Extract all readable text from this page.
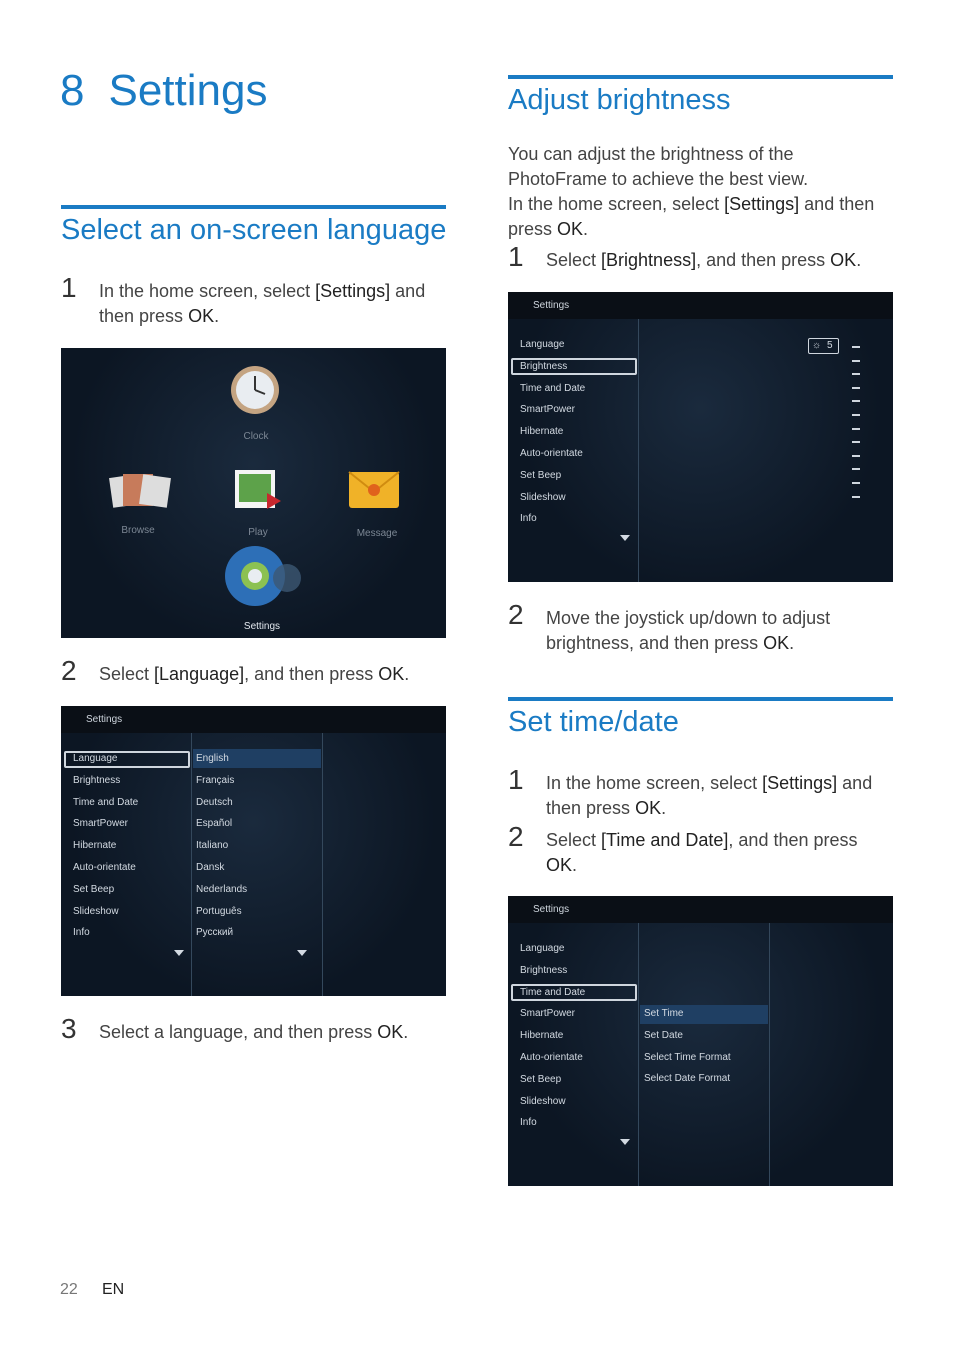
8 Settings
Select an on-screen language
1 In the home screen, select [Settings] and then press OK.
Clock
Browse	Play	Message
Settings
2 Select [Language], and then press OK.
Settings
Language
Brightness
Time and Date
SmartPower
Hibernate
Auto-orientate
Set Beep
Slideshow
Info
English
Français
Deutsch
Español
Italiano
Dansk
Nederlands
Português
Русский
3 Select a language, and then press OK.
Adjust brightness
You can adjust the brightness of the PhotoFrame to achieve the best view.
In the home screen, select [Settings] and then press OK.
1 Select [Brightness], and then press OK.
Settings
Language
Brightness
Time and Date
SmartPower
Hibernate
Auto-orientate
Set Beep
Slideshow
Info
☼ 5
2 Move the joystick up/down to adjust brightness, and then press OK.
Set time/date
1 In the home screen, select [Settings] and then press OK.
2 Select [Time and Date], and then press OK.
Settings
Language
Brightness
Time and Date
SmartPower
Hibernate
Auto-orientate
Set Beep
Slideshow
Info
Set Time
Set Date
Select Time Format
Select Date Format
22 EN
